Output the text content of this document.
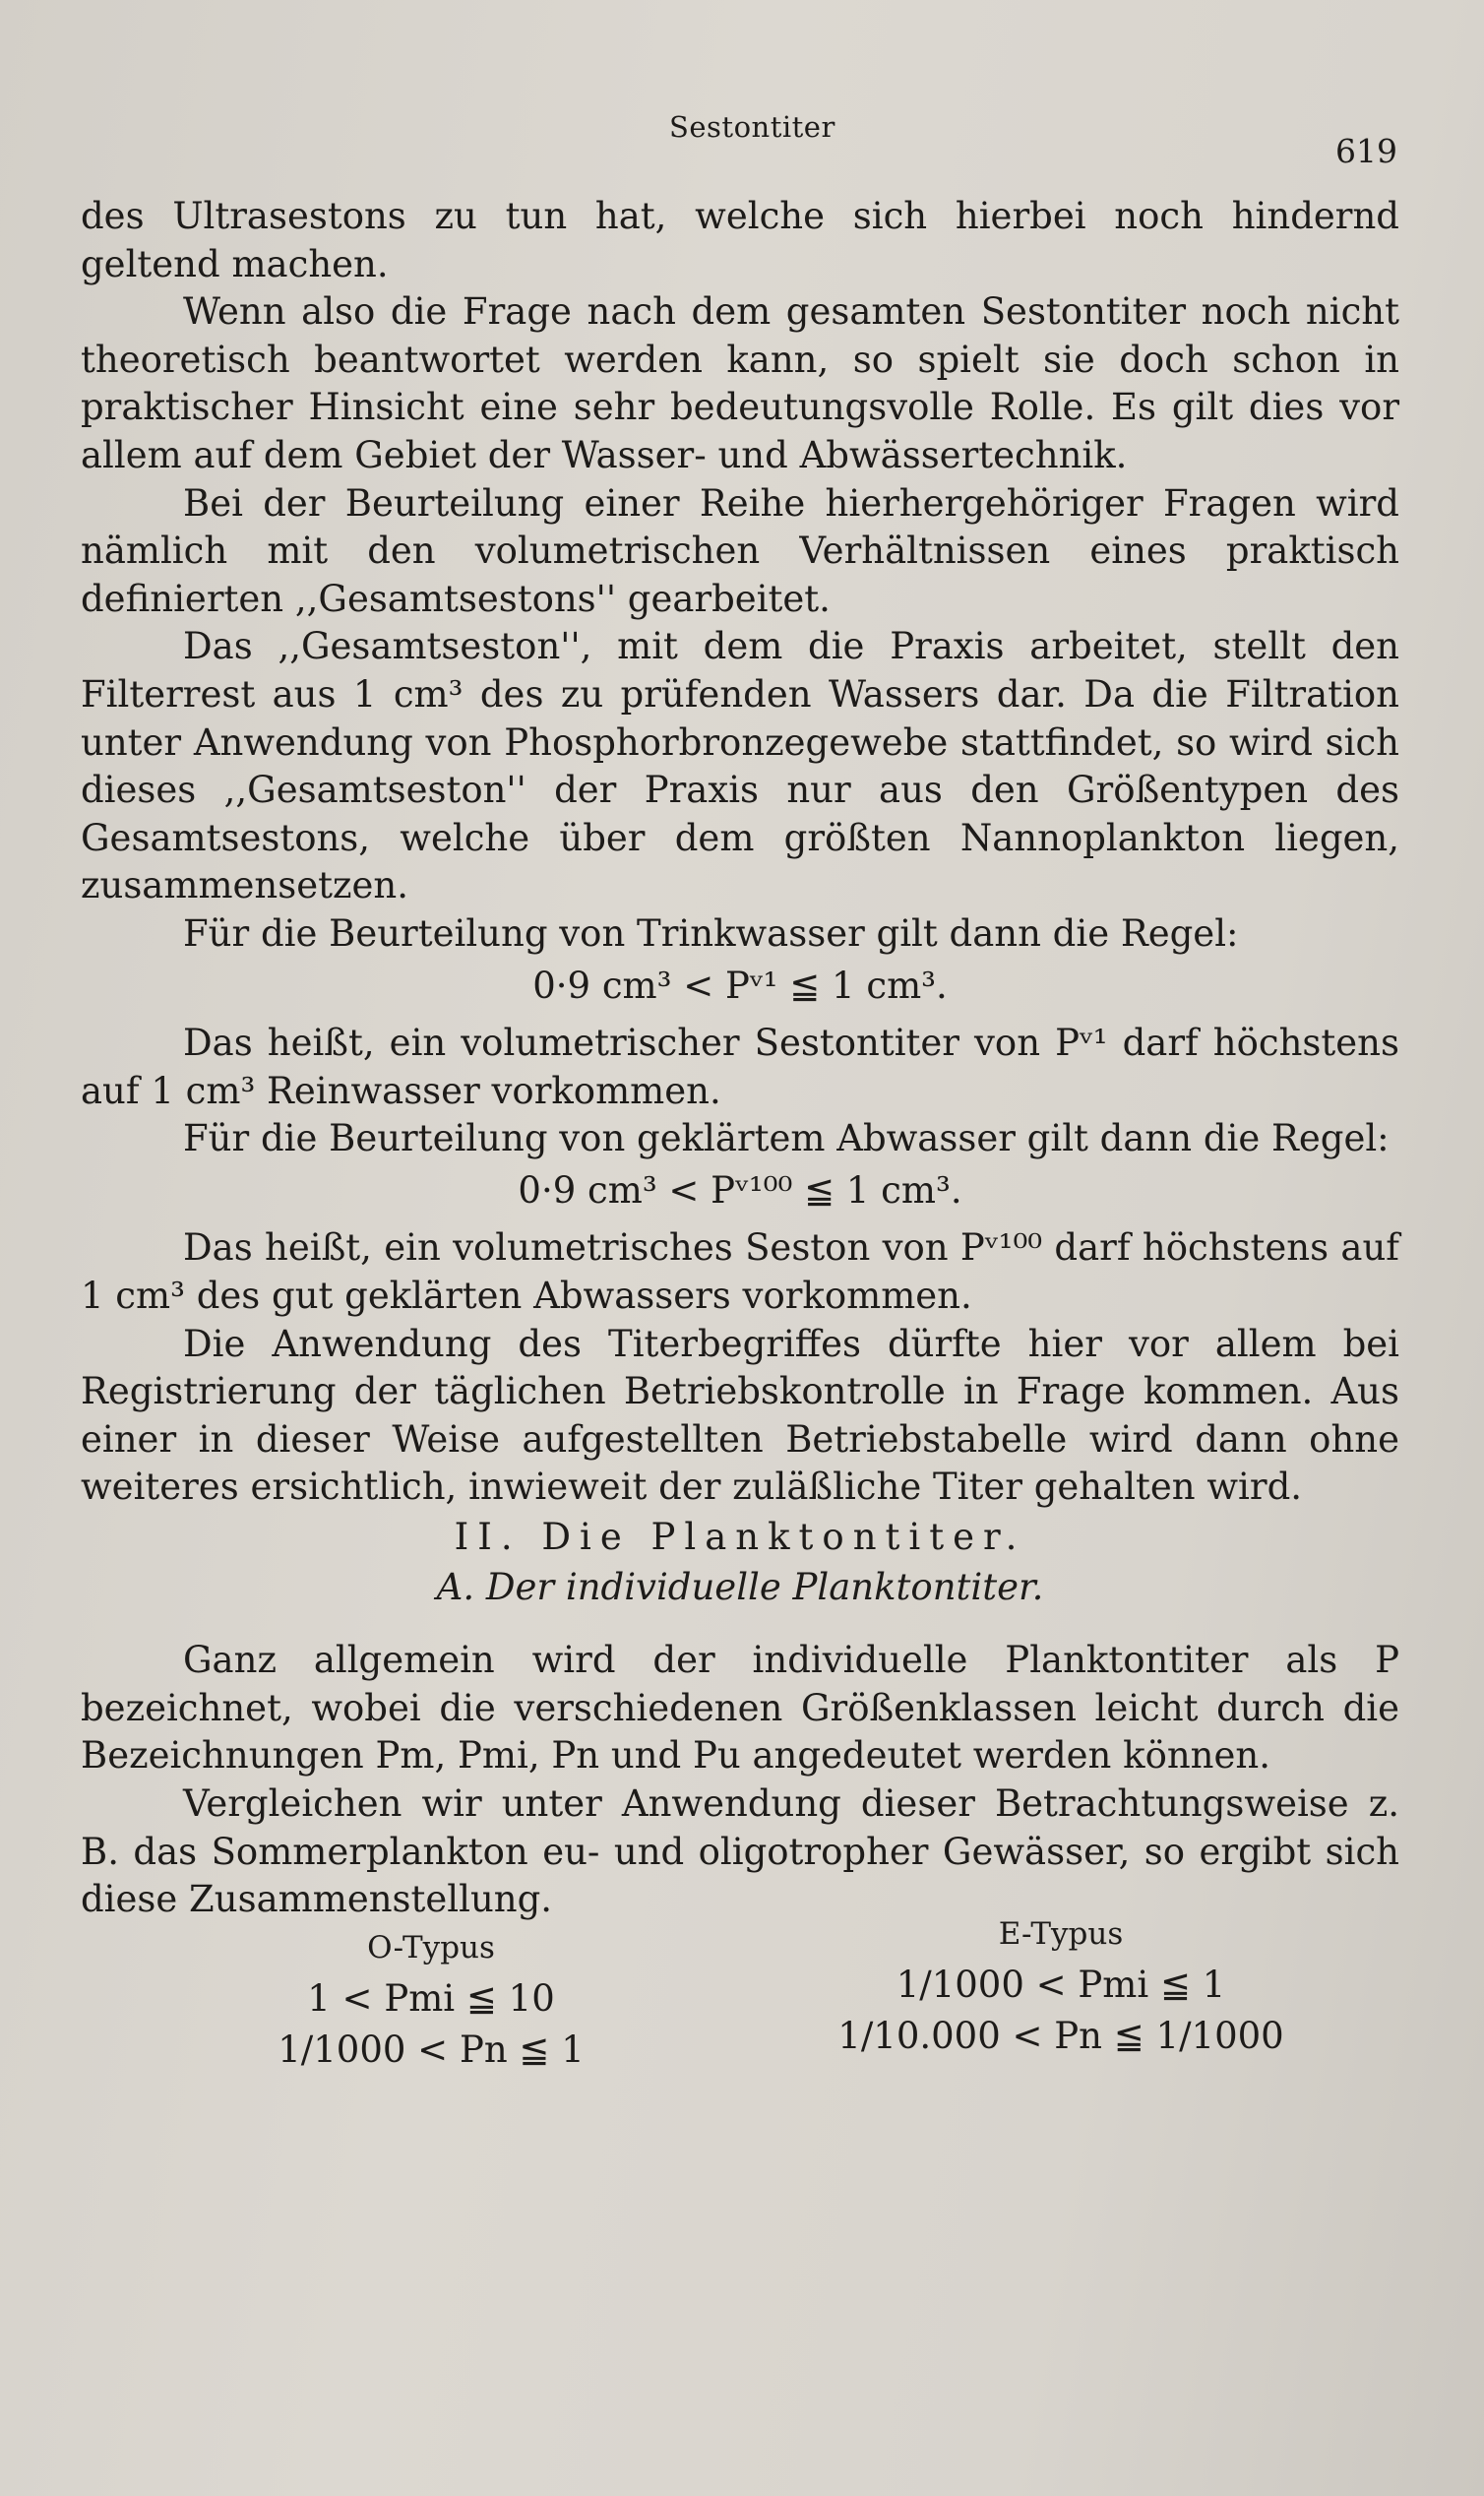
Sestontiter
619

des Ultrasestons zu tun hat, welche sich hierbei noch hindernd geltend machen.

Wenn also die Frage nach dem gesamten Sestontiter noch nicht theoretisch beantwortet werden kann, so spielt sie doch schon in praktischer Hinsicht eine sehr bedeutungsvolle Rolle. Es gilt dies vor allem auf dem Gebiet der Wasser- und Abwässertechnik.

Bei der Beurteilung einer Reihe hierhergehöriger Fragen wird nämlich mit den volumetrischen Verhältnissen eines praktisch definierten ,,Gesamtsestons'' gearbeitet.

Das ,,Gesamtseston'', mit dem die Praxis arbeitet, stellt den Filterrest aus 1 cm³ des zu prüfenden Wassers dar. Da die Filtration unter Anwendung von Phosphorbronzegewebe stattfindet, so wird sich dieses ,,Gesamtseston'' der Praxis nur aus den Größentypen des Gesamtsestons, welche über dem größten Nannoplankton liegen, zusammensetzen.

Für die Beurteilung von Trinkwasser gilt dann die Regel:

0·9 cm³ < Pᵛ¹ ≦ 1 cm³.

Das heißt, ein volumetrischer Sestontiter von Pᵛ¹ darf höchstens auf 1 cm³ Reinwasser vorkommen.

Für die Beurteilung von geklärtem Abwasser gilt dann die Regel:

0·9 cm³ < Pᵛ¹⁰⁰ ≦ 1 cm³.

Das heißt, ein volumetrisches Seston von Pᵛ¹⁰⁰ darf höchstens auf 1 cm³ des gut geklärten Abwassers vorkommen.

Die Anwendung des Titerbegriffes dürfte hier vor allem bei Registrierung der täglichen Betriebskontrolle in Frage kommen. Aus einer in dieser Weise aufgestellten Betriebstabelle wird dann ohne weiteres ersichtlich, inwieweit der zuläßliche Titer gehalten wird.

II. Die Planktontiter.

A. Der individuelle Planktontiter.

Ganz allgemein wird der individuelle Planktontiter als P bezeichnet, wobei die verschiedenen Größenklassen leicht durch die Bezeichnungen Pm, Pmi, Pn und Pu angedeutet werden können.

Vergleichen wir unter Anwendung dieser Betrachtungsweise z. B. das Sommerplankton eu- und oligotropher Gewässer, so ergibt sich diese Zusammenstellung.

O-Typus
1 < Pmi ≦ 10
1/1000 < Pn ≦ 1
E-Typus
1/1000 < Pmi ≦ 1
1/10.000 < Pn ≦ 1/1000
